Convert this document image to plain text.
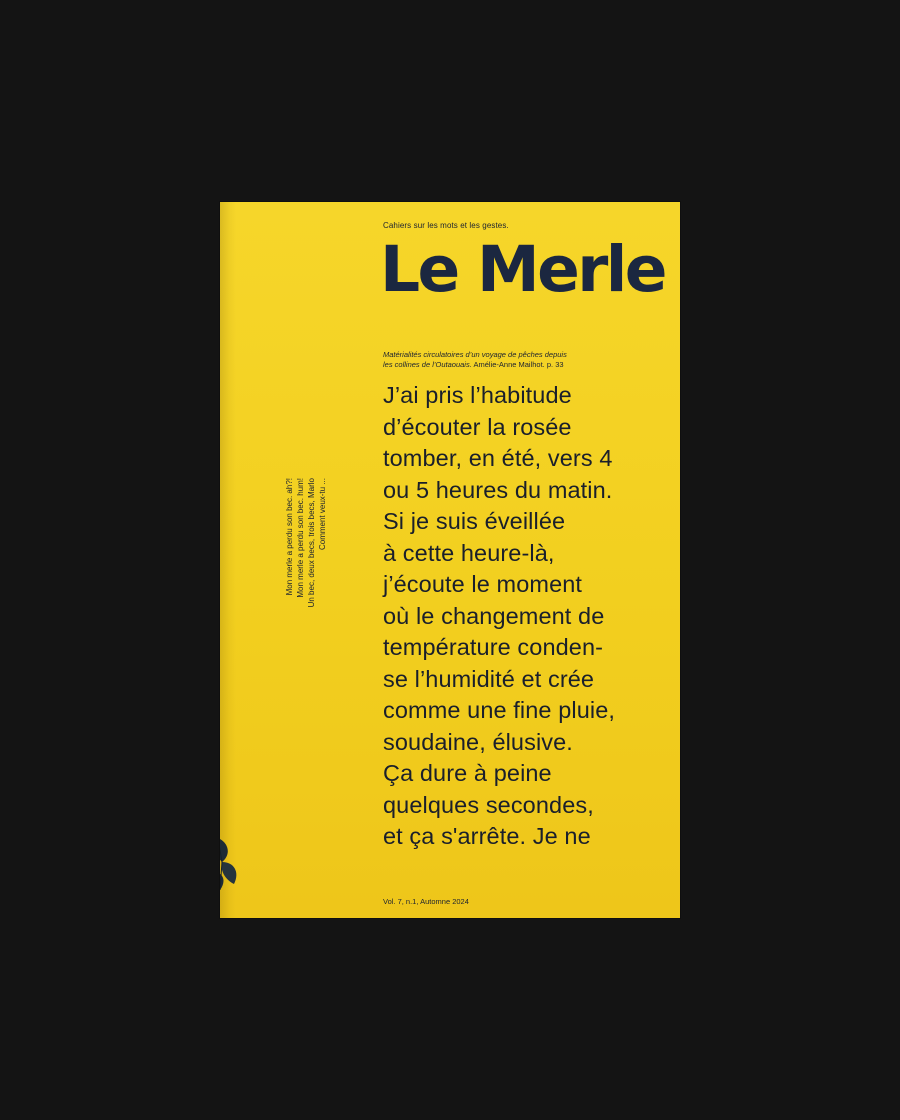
Cahiers sur les mots et les gestes.
Le Merle
Matérialités circulatoires d’un voyage de pêches depuis
les collines de l’Outaouais. Amélie-Anne Mailhot. p. 33
J’ai pris l’habitude
d’écouter la rosée
tomber, en été, vers 4
ou 5 heures du matin.
Si je suis éveillée
à cette heure-là,
j’écoute le moment
où le changement de
température conden-
se l’humidité et crée
comme une fine pluie,
soudaine, élusive.
Ça dure à peine
quelques secondes,
et ça s'arrête. Je ne
Mon merle a perdu son bec. ah?! Mon merle a perdu son bec. hum! Un bec, deux becs, trois becs, Marlo Comment veux-tu ...
Vol. 7, n.1, Automne 2024
